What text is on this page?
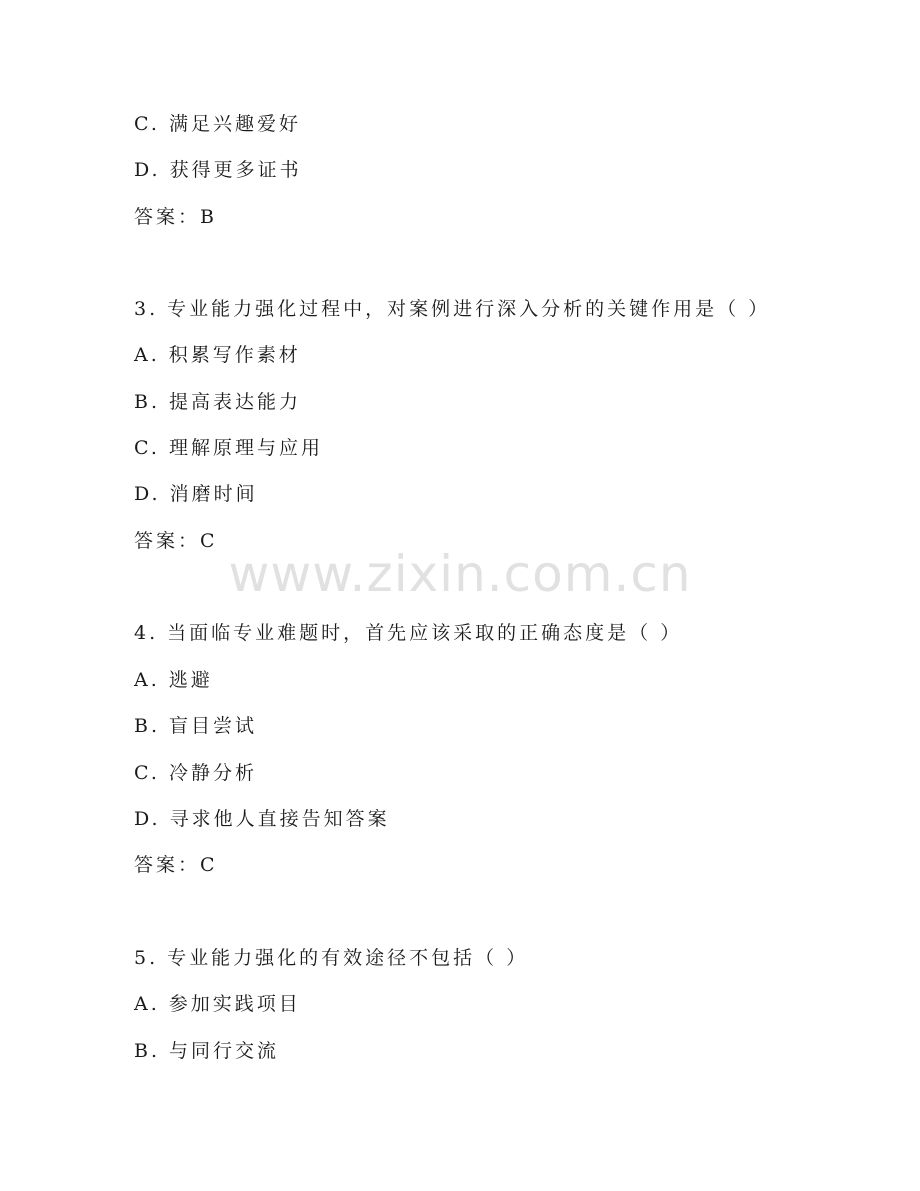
www.zixin.com.cn
C. 满足兴趣爱好
D. 获得更多证书
答案：B
3. 专业能力强化过程中，对案例进行深入分析的关键作用是（ ）
A. 积累写作素材
B. 提高表达能力
C. 理解原理与应用
D. 消磨时间
答案：C
4. 当面临专业难题时，首先应该采取的正确态度是（ ）
A. 逃避
B. 盲目尝试
C. 冷静分析
D. 寻求他人直接告知答案
答案：C
5. 专业能力强化的有效途径不包括（ ）
A. 参加实践项目
B. 与同行交流
